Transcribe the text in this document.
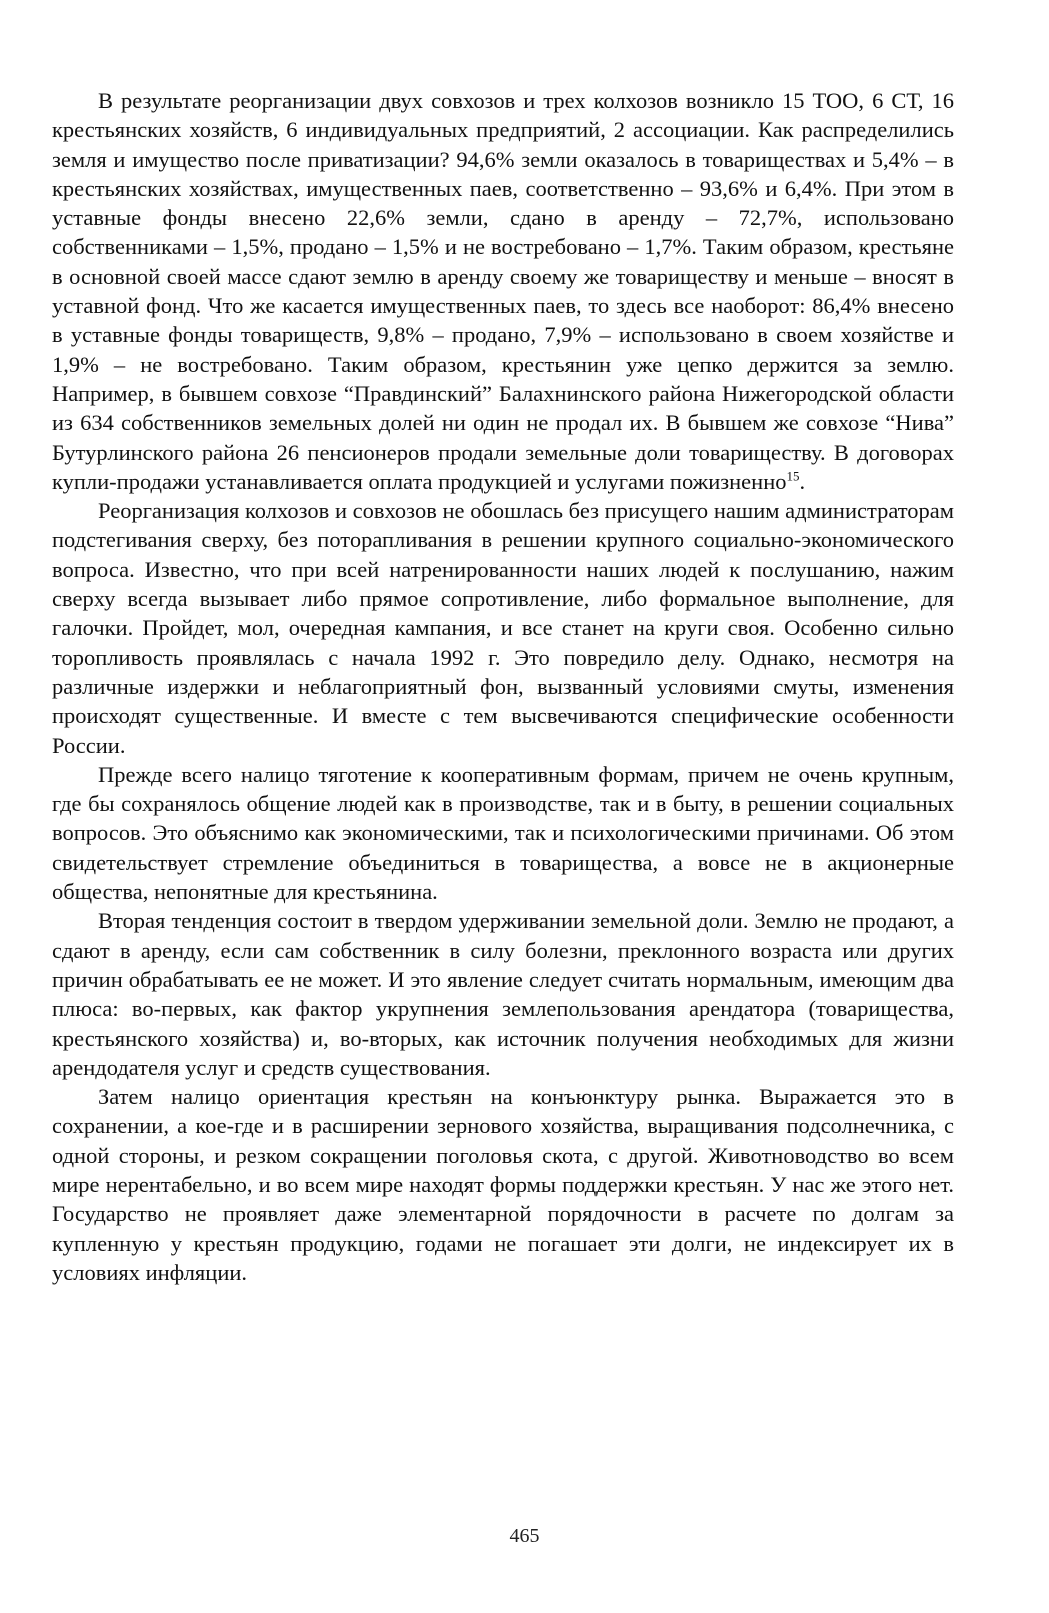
В результате реорганизации двух совхозов и трех колхозов возникло 15 ТОО, 6 СТ, 16 крестьянских хозяйств, 6 индивидуальных предприятий, 2 ассоциации. Как распределились земля и имущество после приватизации? 94,6% земли оказалось в товариществах и 5,4% – в крестьянских хозяйствах, имущественных паев, соответственно – 93,6% и 6,4%. При этом в уставные фонды внесено 22,6% земли, сдано в аренду – 72,7%, использовано собственниками – 1,5%, продано – 1,5% и не востребовано – 1,7%. Таким образом, крестьяне в основной своей массе сдают землю в аренду своему же товариществу и меньше – вносят в уставной фонд. Что же касается имущественных паев, то здесь все наоборот: 86,4% внесено в уставные фонды товариществ, 9,8% – продано, 7,9% – использовано в своем хозяйстве и 1,9% – не востребовано. Таким образом, крестьянин уже цепко держится за землю. Например, в бывшем совхозе “Правдинский” Балахнинского района Нижегородской области из 634 собственников земельных долей ни один не продал их. В бывшем же совхозе “Нива” Бутурлинского района 26 пенсионеров продали земельные доли товариществу. В договорах купли-продажи устанавливается оплата продукцией и услугами пожизненно$^{15}$.

Реорганизация колхозов и совхозов не обошлась без присущего нашим администраторам подстегивания сверху, без поторапливания в решении крупного социально-экономического вопроса. Известно, что при всей натренированности наших людей к послушанию, нажим сверху всегда вызывает либо прямое сопротивление, либо формальное выполнение, для галочки. Пройдет, мол, очередная кампания, и все станет на круги своя. Особенно сильно торопливость проявлялась с начала 1992 г. Это повредило делу. Однако, несмотря на различные издержки и неблагоприятный фон, вызванный условиями смуты, изменения происходят существенные. И вместе с тем высвечиваются специфические особенности России.

Прежде всего налицо тяготение к кооперативным формам, причем не очень крупным, где бы сохранялось общение людей как в производстве, так и в быту, в решении социальных вопросов. Это объяснимо как экономическими, так и психологическими причинами. Об этом свидетельствует стремление объединиться в товарищества, а вовсе не в акционерные общества, непонятные для крестьянина.

Вторая тенденция состоит в твердом удерживании земельной доли. Землю не продают, а сдают в аренду, если сам собственник в силу болезни, преклонного возраста или других причин обрабатывать ее не может. И это явление следует считать нормальным, имеющим два плюса: во-первых, как фактор укрупнения землепользования арендатора (товарищества, крестьянского хозяйства) и, во-вторых, как источник получения необходимых для жизни арендодателя услуг и средств существования.

Затем налицо ориентация крестьян на конъюнктуру рынка. Выражается это в сохранении, а кое-где и в расширении зернового хозяйства, выращивания подсолнечника, с одной стороны, и резком сокращении поголовья скота, с другой. Животноводство во всем мире нерентабельно, и во всем мире находят формы поддержки крестьян. У нас же этого нет. Государство не проявляет даже элементарной порядочности в расчете по долгам за купленную у крестьян продукцию, годами не погашает эти долги, не индексирует их в условиях инфляции.

465
